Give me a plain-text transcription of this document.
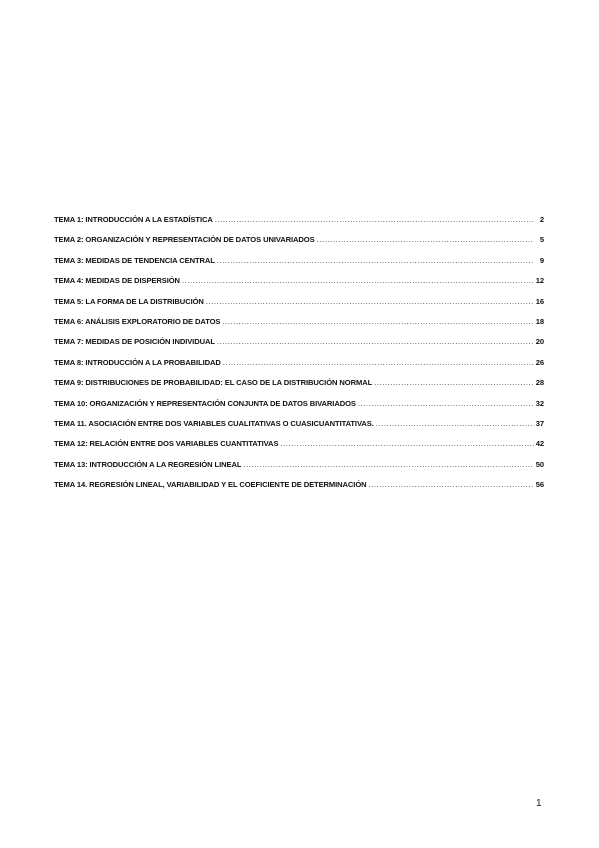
TEMA 1: INTRODUCCIÓN A LA ESTADÍSTICA .....	2
TEMA 2: ORGANIZACIÓN Y REPRESENTACIÓN DE DATOS UNIVARIADOS .....	5
TEMA 3: MEDIDAS DE TENDENCIA CENTRAL .....	9
TEMA 4: MEDIDAS DE DISPERSIÓN .....	12
TEMA 5: LA FORMA DE LA DISTRIBUCIÓN .....	16
TEMA 6: ANÁLISIS EXPLORATORIO DE DATOS .....	18
TEMA 7: MEDIDAS DE POSICIÓN INDIVIDUAL .....	20
TEMA 8: INTRODUCCIÓN A LA PROBABILIDAD .....	26
TEMA 9: DISTRIBUCIONES DE PROBABILIDAD: EL CASO DE LA DISTRIBUCIÓN NORMAL .....	28
TEMA 10: ORGANIZACIÓN Y REPRESENTACIÓN CONJUNTA DE DATOS BIVARIADOS .....	32
TEMA 11. ASOCIACIÓN ENTRE DOS VARIABLES CUALITATIVAS O CUASICUANTITATIVAS. .....	37
TEMA 12: RELACIÓN ENTRE DOS VARIABLES CUANTITATIVAS .....	42
TEMA 13: INTRODUCCIÓN A LA REGRESIÓN LINEAL .....	50
TEMA 14. REGRESIÓN LINEAL, VARIABILIDAD Y EL COEFICIENTE DE DETERMINACIÓN .....	56
1
